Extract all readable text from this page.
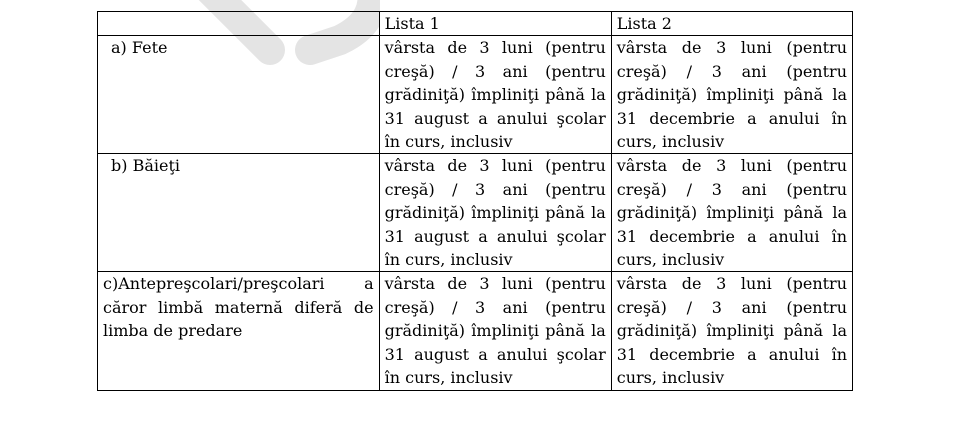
	Lista 1	Lista 2

a) Fete	vârsta de 3 luni (pentru creşă) / 3 ani (pentru grădiniţă) împliniţi până la 31 august a anului şcolar în curs, inclusiv	vârsta de 3 luni (pentru creşă) / 3 ani (pentru grădiniţă) împliniţi până la 31 decembrie a anului în curs, inclusiv

b) Băieţi	vârsta de 3 luni (pentru creşă) / 3 ani (pentru grădiniţă) împliniţi până la 31 august a anului şcolar în curs, inclusiv	vârsta de 3 luni (pentru creşă) / 3 ani (pentru grădiniţă) împliniţi până la 31 decembrie a anului în curs, inclusiv

c)Antepreşcolari/preşcolari a căror limbă maternă diferă de limba de predare	vârsta de 3 luni (pentru creşă) / 3 ani (pentru grădiniţă) împliniţi până la 31 august a anului şcolar în curs, inclusiv	vârsta de 3 luni (pentru creşă) / 3 ani (pentru grădiniţă) împliniţi până la 31 decembrie a anului în curs, inclusiv
